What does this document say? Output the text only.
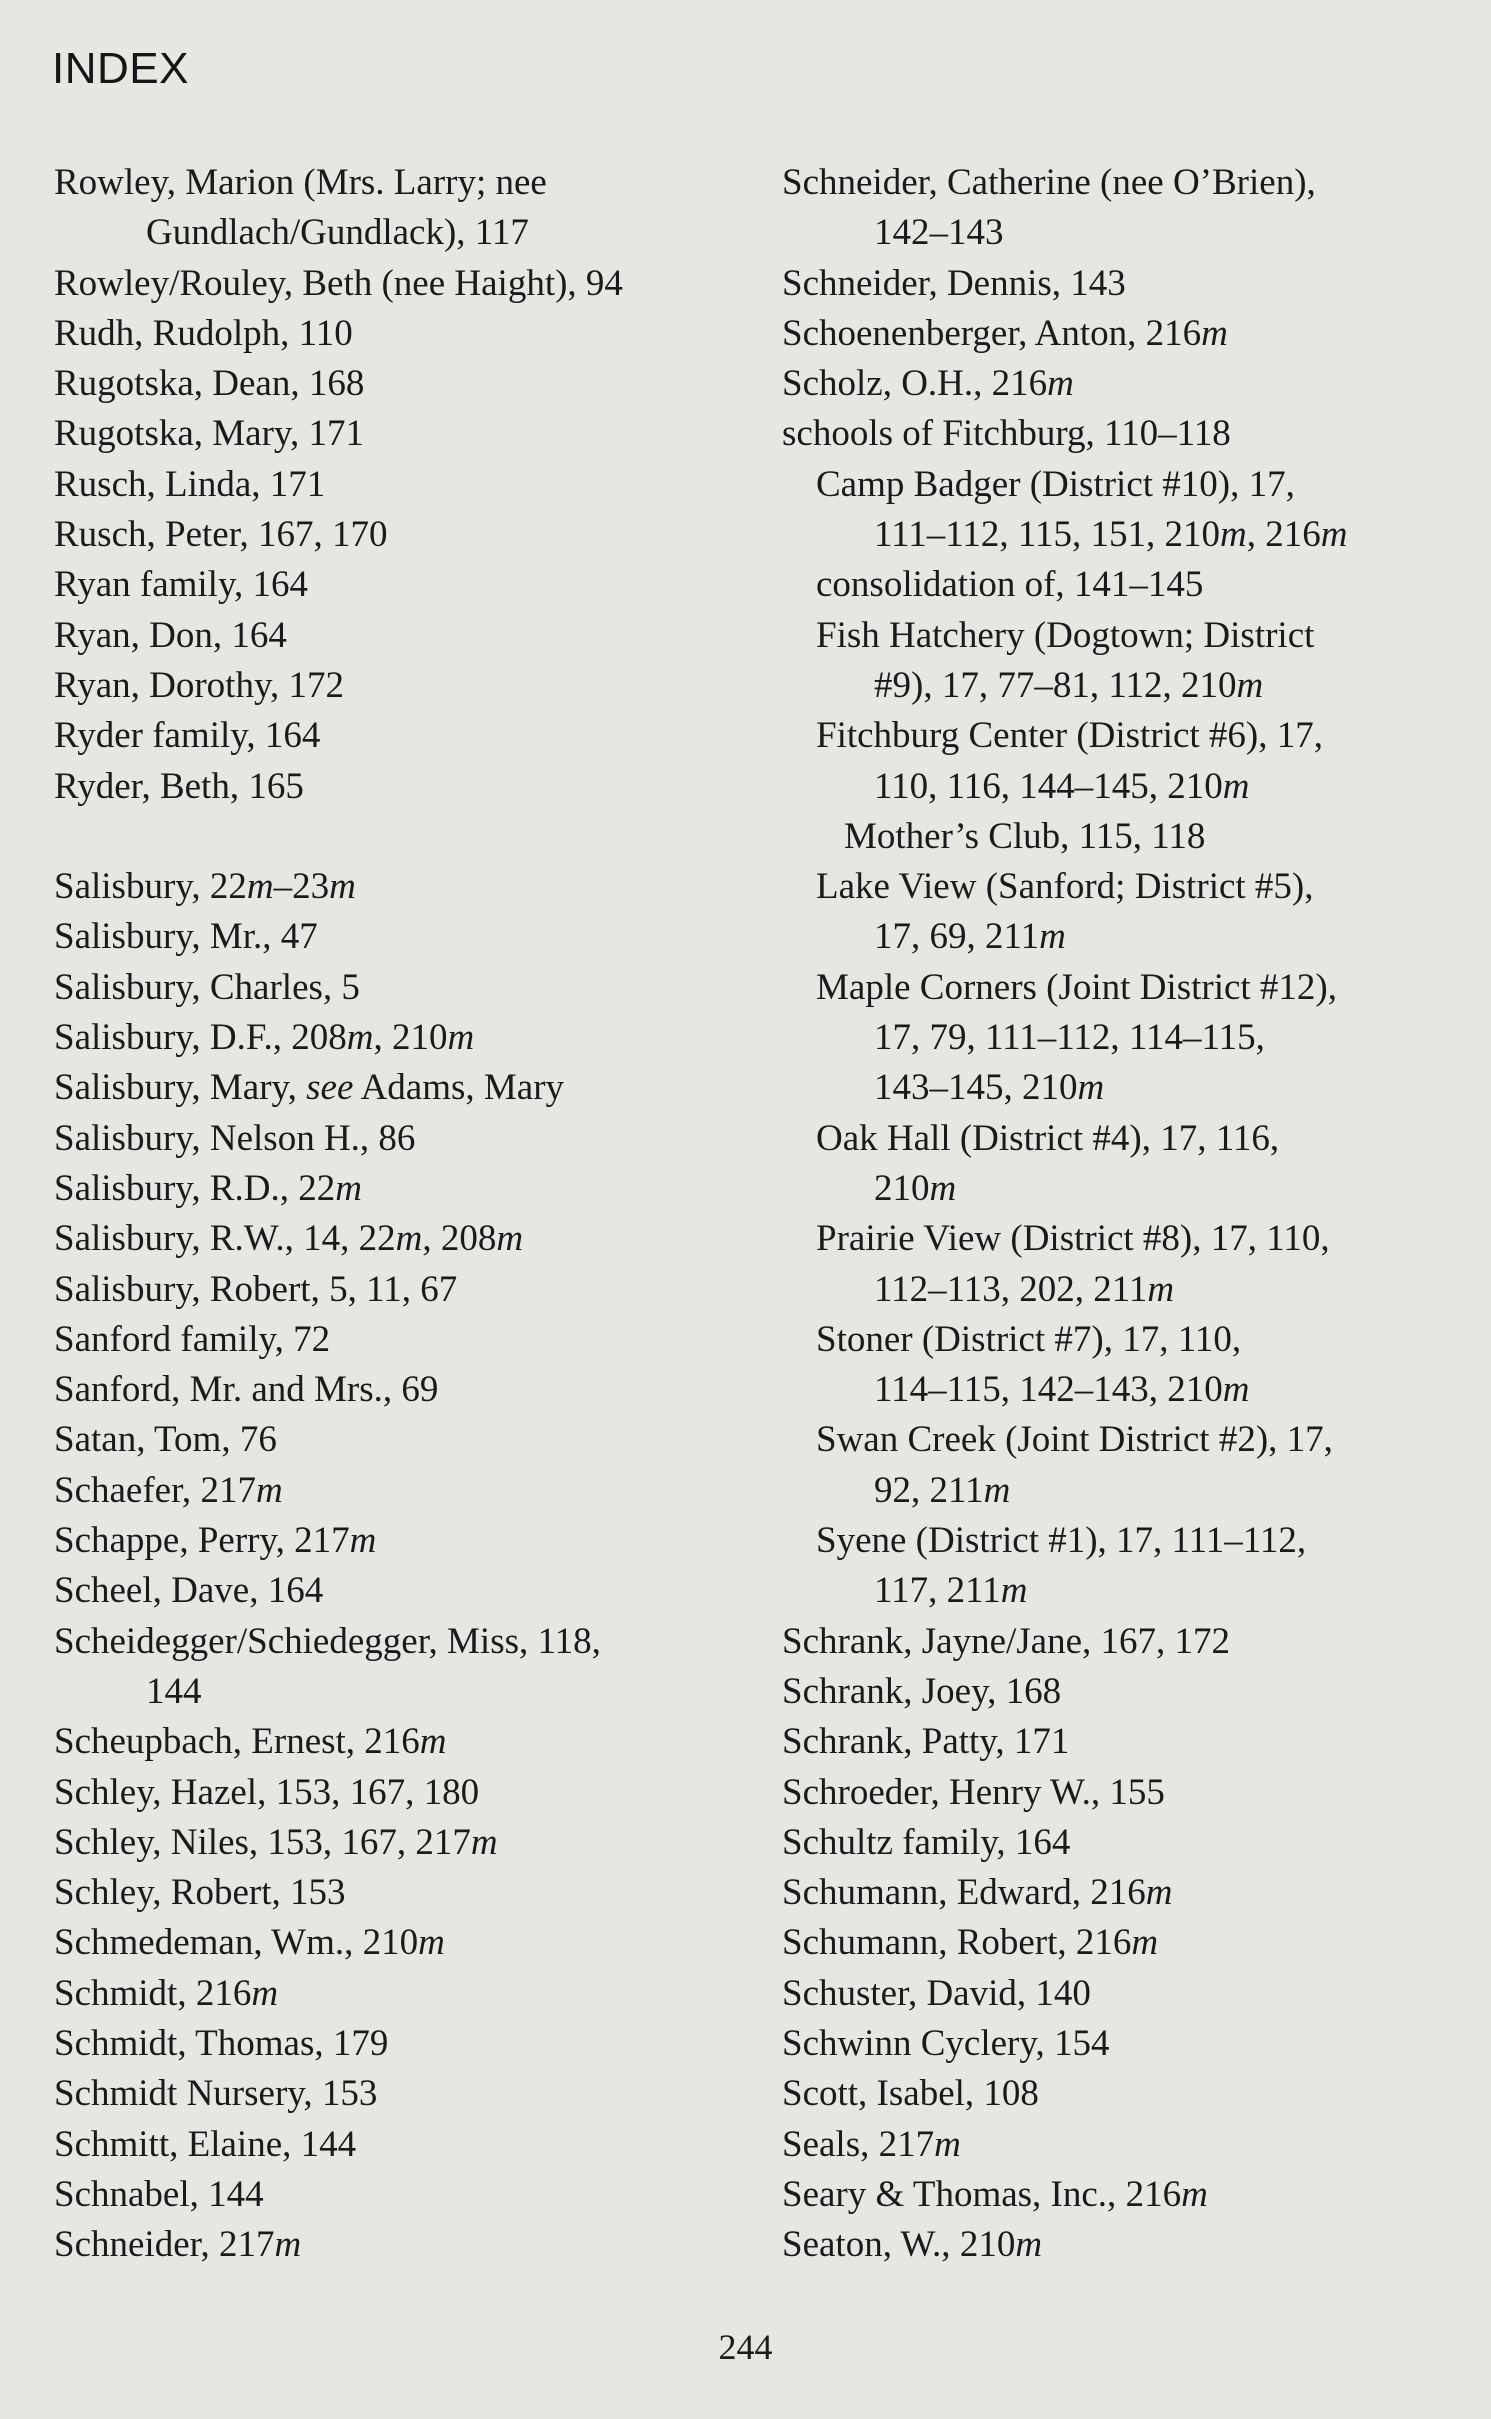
INDEX
Rowley, Marion (Mrs. Larry; nee
Gundlach/Gundlack), 117
Rowley/Rouley, Beth (nee Haight), 94
Rudh, Rudolph, 110
Rugotska, Dean, 168
Rugotska, Mary, 171
Rusch, Linda, 171
Rusch, Peter, 167, 170
Ryan family, 164
Ryan, Don, 164
Ryan, Dorothy, 172
Ryder family, 164
Ryder, Beth, 165
Salisbury, 22m–23m
Salisbury, Mr., 47
Salisbury, Charles, 5
Salisbury, D.F., 208m, 210m
Salisbury, Mary, see Adams, Mary
Salisbury, Nelson H., 86
Salisbury, R.D., 22m
Salisbury, R.W., 14, 22m, 208m
Salisbury, Robert, 5, 11, 67
Sanford family, 72
Sanford, Mr. and Mrs., 69
Satan, Tom, 76
Schaefer, 217m
Schappe, Perry, 217m
Scheel, Dave, 164
Scheidegger/Schiedegger, Miss, 118,
144
Scheupbach, Ernest, 216m
Schley, Hazel, 153, 167, 180
Schley, Niles, 153, 167, 217m
Schley, Robert, 153
Schmedeman, Wm., 210m
Schmidt, 216m
Schmidt, Thomas, 179
Schmidt Nursery, 153
Schmitt, Elaine, 144
Schnabel, 144
Schneider, 217m
Schneider, Catherine (nee O’Brien),
142–143
Schneider, Dennis, 143
Schoenenberger, Anton, 216m
Scholz, O.H., 216m
schools of Fitchburg, 110–118
Camp Badger (District #10), 17,
111–112, 115, 151, 210m, 216m
consolidation of, 141–145
Fish Hatchery (Dogtown; District
#9), 17, 77–81, 112, 210m
Fitchburg Center (District #6), 17,
110, 116, 144–145, 210m
Mother’s Club, 115, 118
Lake View (Sanford; District #5),
17, 69, 211m
Maple Corners (Joint District #12),
17, 79, 111–112, 114–115,
143–145, 210m
Oak Hall (District #4), 17, 116,
210m
Prairie View (District #8), 17, 110,
112–113, 202, 211m
Stoner (District #7), 17, 110,
114–115, 142–143, 210m
Swan Creek (Joint District #2), 17,
92, 211m
Syene (District #1), 17, 111–112,
117, 211m
Schrank, Jayne/Jane, 167, 172
Schrank, Joey, 168
Schrank, Patty, 171
Schroeder, Henry W., 155
Schultz family, 164
Schumann, Edward, 216m
Schumann, Robert, 216m
Schuster, David, 140
Schwinn Cyclery, 154
Scott, Isabel, 108
Seals, 217m
Seary & Thomas, Inc., 216m
Seaton, W., 210m
244
